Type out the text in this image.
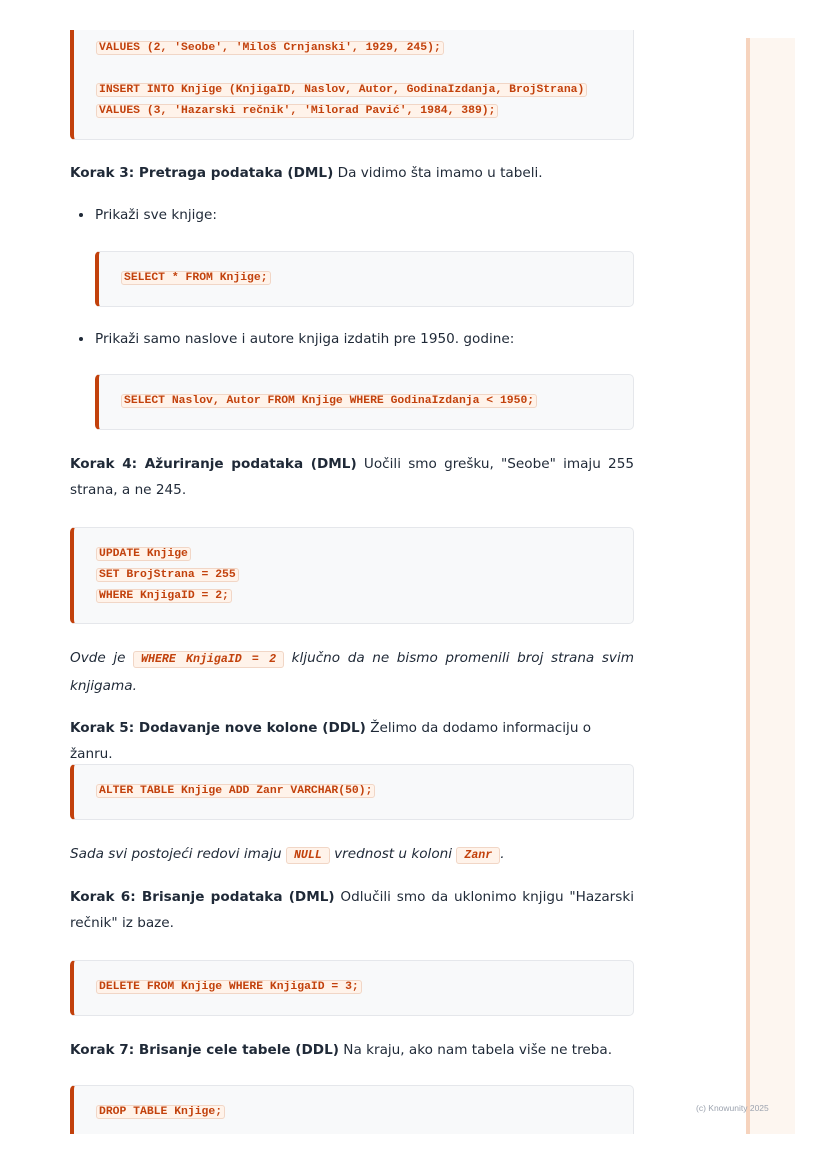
VALUES (2, 'Seobe', 'Miloš Crnjanski', 1929, 245);

INSERT INTO Knjige (KnjigaID, Naslov, Autor, GodinaIzdanja, BrojStrana)
VALUES (3, 'Hazarski rečnik', 'Milorad Pavić', 1984, 389);
Korak 3: Pretraga podataka (DML) Da vidimo šta imamo u tabeli.
Prikaži sve knjige:
SELECT * FROM Knjige;
Prikaži samo naslove i autore knjiga izdatih pre 1950. godine:
SELECT Naslov, Autor FROM Knjige WHERE GodinaIzdanja < 1950;
Korak 4: Ažuriranje podataka (DML) Uočili smo grešku, "Seobe" imaju 255 strana, a ne 245.
UPDATE Knjige
SET BrojStrana = 255
WHERE KnjigaID = 2;
Ovde je WHERE KnjigaID = 2 ključno da ne bismo promenili broj strana svim knjigama.
Korak 5: Dodavanje nove kolone (DDL) Želimo da dodamo informaciju o žanru.
ALTER TABLE Knjige ADD Zanr VARCHAR(50);
Sada svi postojeći redovi imaju NULL vrednost u koloni Zanr .
Korak 6: Brisanje podataka (DML) Odlučili smo da uklonimo knjigu "Hazarski rečnik" iz baze.
DELETE FROM Knjige WHERE KnjigaID = 3;
Korak 7: Brisanje cele tabele (DDL) Na kraju, ako nam tabela više ne treba.
DROP TABLE Knjige;	(c) Knowunity 2025
